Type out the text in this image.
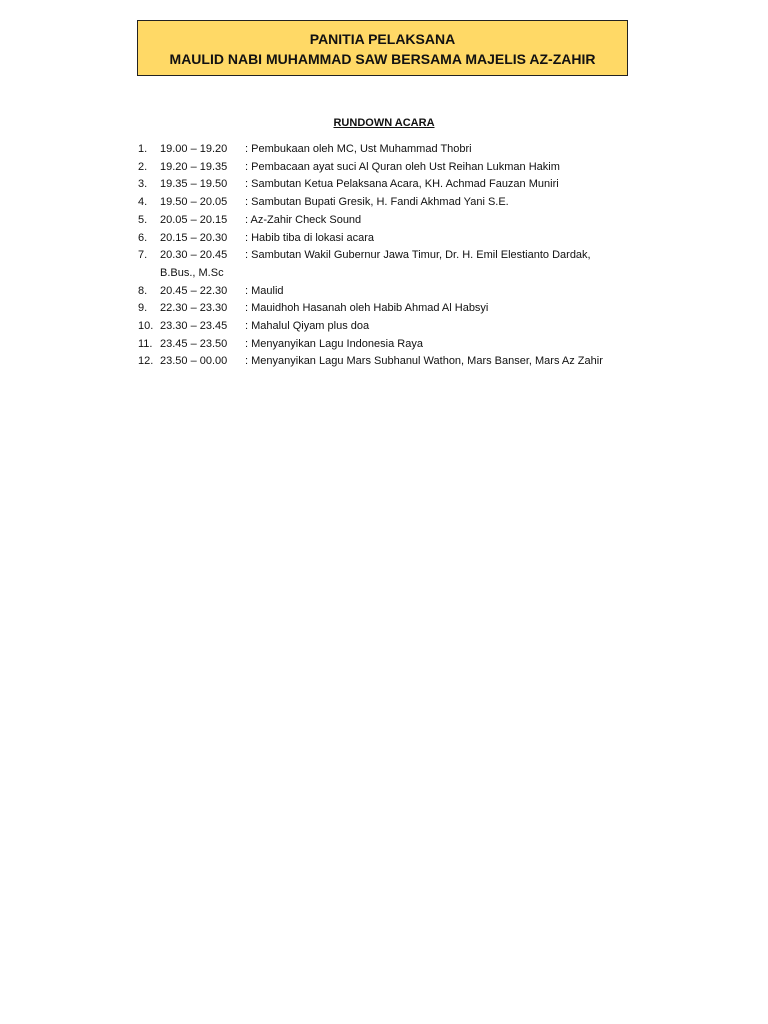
PANITIA PELAKSANA
MAULID NABI MUHAMMAD SAW BERSAMA MAJELIS AZ-ZAHIR
RUNDOWN ACARA
1. 19.00 – 19.20 : Pembukaan oleh MC, Ust Muhammad Thobri
2. 19.20 – 19.35 : Pembacaan ayat suci Al Quran oleh Ust Reihan Lukman Hakim
3. 19.35 – 19.50 : Sambutan Ketua Pelaksana Acara, KH. Achmad Fauzan Muniri
4. 19.50 – 20.05 : Sambutan Bupati Gresik, H. Fandi Akhmad Yani S.E.
5. 20.05 – 20.15 : Az-Zahir Check Sound
6. 20.15 – 20.30 : Habib tiba di lokasi acara
7. 20.30 – 20.45 : Sambutan Wakil Gubernur Jawa Timur, Dr. H. Emil Elestianto Dardak,
B.Bus., M.Sc
8. 20.45 – 22.30 : Maulid
9. 22.30 – 23.30 : Mauidhoh Hasanah oleh Habib Ahmad Al Habsyi
10. 23.30 – 23.45 : Mahalul Qiyam plus doa
11. 23.45 – 23.50 : Menyanyikan Lagu Indonesia Raya
12. 23.50 – 00.00 : Menyanyikan Lagu Mars Subhanul Wathon, Mars Banser, Mars Az Zahir
